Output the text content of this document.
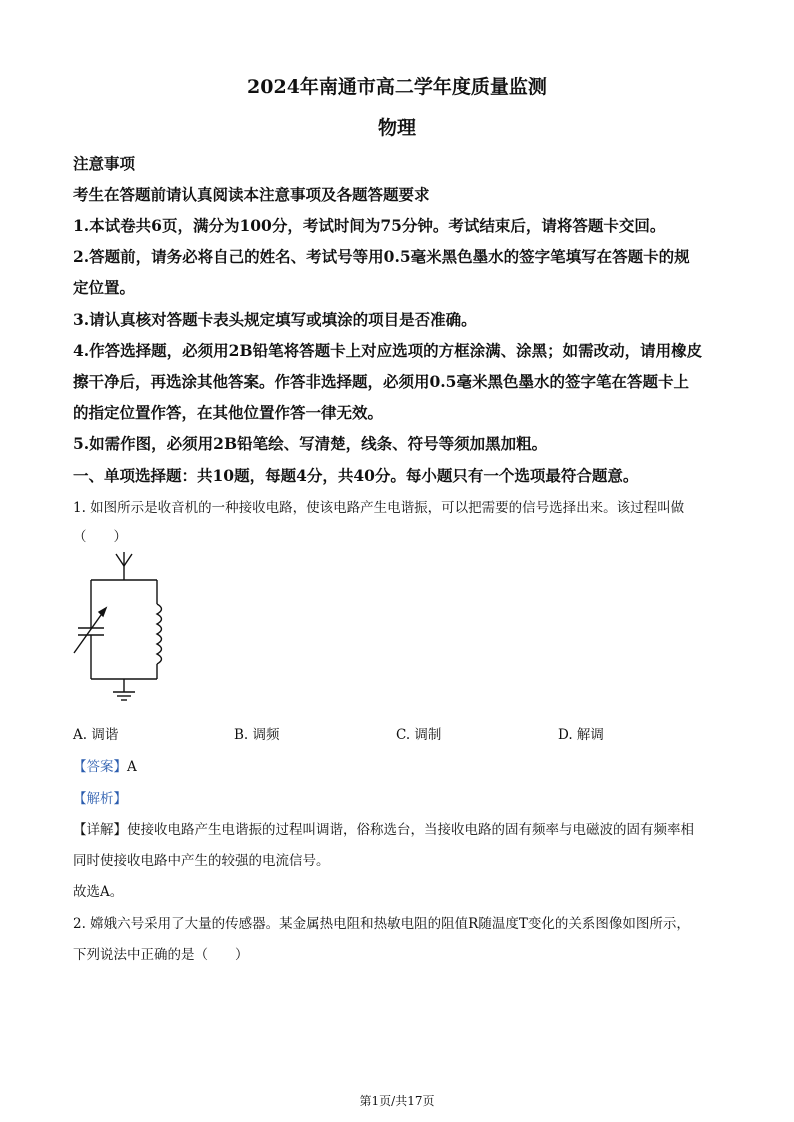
2024年南通市高二学年度质量监测
物理
注意事项
考生在答题前请认真阅读本注意事项及各题答题要求
1.本试卷共6页，满分为100分，考试时间为75分钟。考试结束后，请将答题卡交回。
2.答题前，请务必将自己的姓名、考试号等用0.5毫米黑色墨水的签字笔填写在答题卡的规
定位置。
3.请认真核对答题卡表头规定填写或填涂的项目是否准确。
4.作答选择题，必须用2B铅笔将答题卡上对应选项的方框涂满、涂黑；如需改动，请用橡皮
擦干净后，再选涂其他答案。作答非选择题，必须用0.5毫米黑色墨水的签字笔在答题卡上
的指定位置作答，在其他位置作答一律无效。
5.如需作图，必须用2B铅笔绘、写清楚，线条、符号等须加黑加粗。
一、单项选择题：共10题，每题4分，共40分。每小题只有一个选项最符合题意。
1. 如图所示是收音机的一种接收电路，使该电路产生电谐振，可以把需要的信号选择出来。该过程叫做
（　　）
A. 调谐	B. 调频	C. 调制	D. 解调
【答案】A
【解析】
【详解】使接收电路产生电谐振的过程叫调谐，俗称选台，当接收电路的固有频率与电磁波的固有频率相
同时使接收电路中产生的较强的电流信号。
故选A。
2. 嫦娥六号采用了大量的传感器。某金属热电阻和热敏电阻的阻值R随温度T变化的关系图像如图所示，
下列说法中正确的是（　　）
第1页/共17页
